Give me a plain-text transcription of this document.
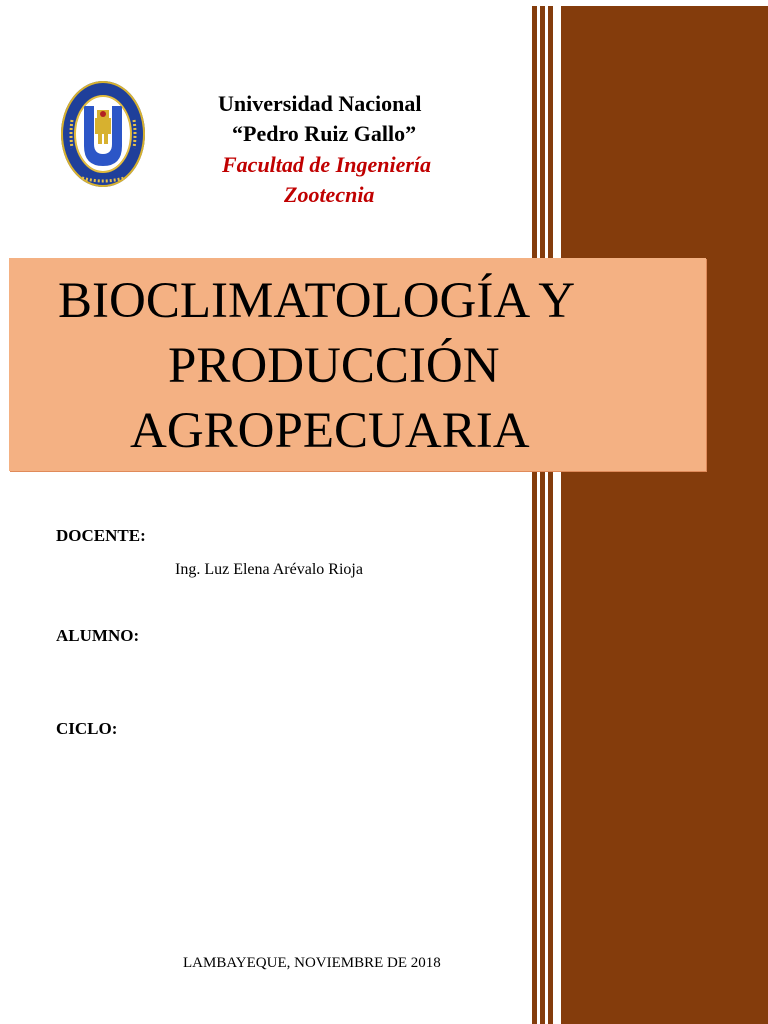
Universidad Nacional

“Pedro Ruiz Gallo”

Facultad de Ingeniería

Zootecnia

BIOCLIMATOLOGÍA Y

PRODUCCIÓN

AGROPECUARIA

DOCENTE:

Ing. Luz Elena Arévalo Rioja

ALUMNO:

CICLO:

LAMBAYEQUE, NOVIEMBRE DE 2018
